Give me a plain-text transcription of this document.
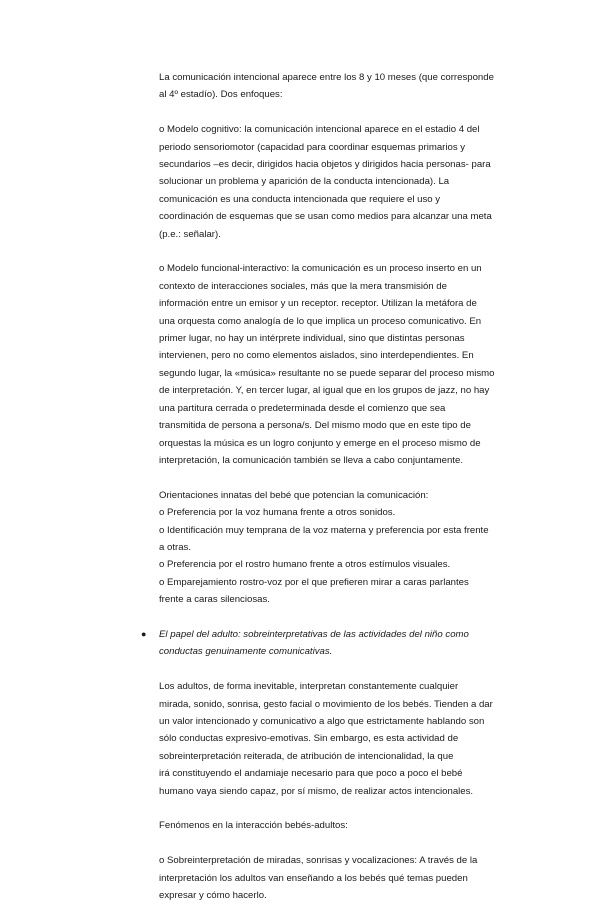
La comunicación intencional aparece entre los 8 y 10 meses (que corresponde
al 4º estadío). Dos enfoques:
o Modelo cognitivo: la comunicación intencional aparece en el estadio 4 del
periodo sensoriomotor (capacidad para coordinar esquemas primarios y
secundarios –es decir, dirigidos hacia objetos y dirigidos hacia personas- para
solucionar un problema y aparición de la conducta intencionada). La
comunicación es una conducta intencionada que requiere el uso y
coordinación de esquemas que se usan como medios para alcanzar una meta
(p.e.: señalar).
o Modelo funcional-interactivo: la comunicación es un proceso inserto en un
contexto de interacciones sociales, más que la mera transmisión de
información entre un emisor y un receptor. receptor. Utilizan la metáfora de
una orquesta como analogía de lo que implica un proceso comunicativo. En
primer lugar, no hay un intérprete individual, sino que distintas personas
intervienen, pero no como elementos aislados, sino interdependientes. En
segundo lugar, la «música» resultante no se puede separar del proceso mismo
de interpretación. Y, en tercer lugar, al igual que en los grupos de jazz, no hay
una partitura cerrada o predeterminada desde el comienzo que sea
transmitida de persona a persona/s. Del mismo modo que en este tipo de
orquestas la música es un logro conjunto y emerge en el proceso mismo de
interpretación, la comunicación también se lleva a cabo conjuntamente.
Orientaciones innatas del bebé que potencian la comunicación:
o Preferencia por la voz humana frente a otros sonidos.
o Identificación muy temprana de la voz materna y preferencia por esta frente
a otras.
o Preferencia por el rostro humano frente a otros estímulos visuales.
o Emparejamiento rostro-voz por el que prefieren mirar a caras parlantes
frente a caras silenciosas.
● El papel del adulto: sobreinterpretativas de las actividades del niño como
conductas genuinamente comunicativas.
Los adultos, de forma inevitable, interpretan constantemente cualquier
mirada, sonido, sonrisa, gesto facial o movimiento de los bebés. Tienden a dar
un valor intencionado y comunicativo a algo que estrictamente hablando son
sólo conductas expresivo-emotivas. Sin embargo, es esta actividad de
sobreinterpretación reiterada, de atribución de intencionalidad, la que
irá constituyendo el andamiaje necesario para que poco a poco el bebé
humano vaya siendo capaz, por sí mismo, de realizar actos intencionales.
Fenómenos en la interacción bebés-adultos:
o Sobreinterpretación de miradas, sonrisas y vocalizaciones: A través de la
interpretación los adultos van enseñando a los bebés qué temas pueden
expresar y cómo hacerlo.
